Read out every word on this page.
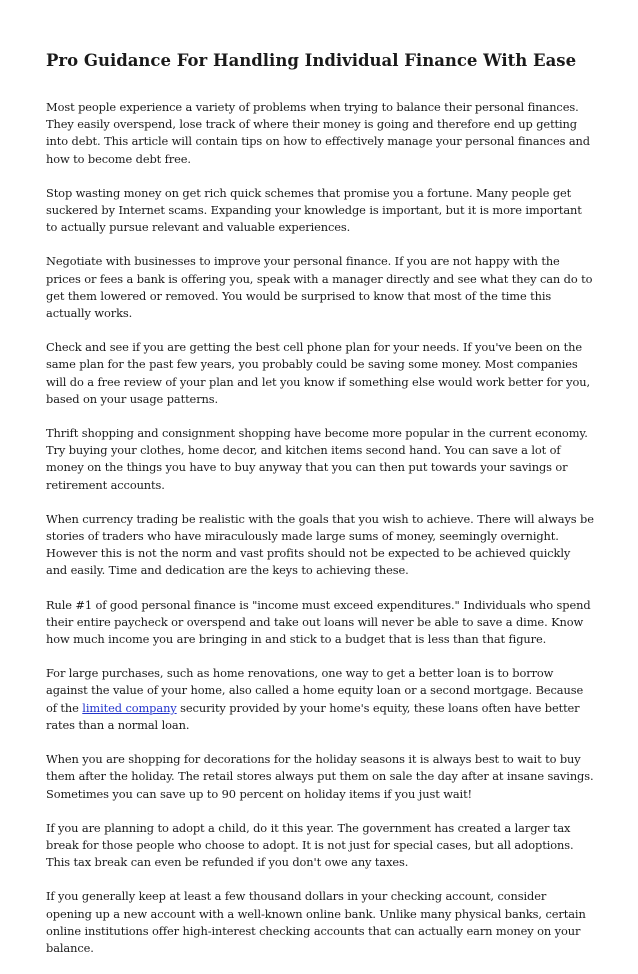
Pro Guidance For Handling Individual Finance With Ease

Most people experience a variety of problems when trying to balance their personal finances. They easily overspend, lose track of where their money is going and therefore end up getting into debt. This article will contain tips on how to effectively manage your personal finances and how to become debt free.

Stop wasting money on get rich quick schemes that promise you a fortune. Many people get suckered by Internet scams. Expanding your knowledge is important, but it is more important to actually pursue relevant and valuable experiences.

Negotiate with businesses to improve your personal finance. If you are not happy with the prices or fees a bank is offering you, speak with a manager directly and see what they can do to get them lowered or removed. You would be surprised to know that most of the time this actually works.

Check and see if you are getting the best cell phone plan for your needs. If you've been on the same plan for the past few years, you probably could be saving some money. Most companies will do a free review of your plan and let you know if something else would work better for you, based on your usage patterns.

Thrift shopping and consignment shopping have become more popular in the current economy. Try buying your clothes, home decor, and kitchen items second hand. You can save a lot of money on the things you have to buy anyway that you can then put towards your savings or retirement accounts.

When currency trading be realistic with the goals that you wish to achieve. There will always be stories of traders who have miraculously made large sums of money, seemingly overnight. However this is not the norm and vast profits should not be expected to be achieved quickly and easily. Time and dedication are the keys to achieving these.

Rule #1 of good personal finance is "income must exceed expenditures." Individuals who spend their entire paycheck or overspend and take out loans will never be able to save a dime. Know how much income you are bringing in and stick to a budget that is less than that figure.

For large purchases, such as home renovations, one way to get a better loan is to borrow against the value of your home, also called a home equity loan or a second mortgage. Because of the limited company security provided by your home's equity, these loans often have better rates than a normal loan.

When you are shopping for decorations for the holiday seasons it is always best to wait to buy them after the holiday. The retail stores always put them on sale the day after at insane savings. Sometimes you can save up to 90 percent on holiday items if you just wait!

If you are planning to adopt a child, do it this year. The government has created a larger tax break for those people who choose to adopt. It is not just for special cases, but all adoptions. This tax break can even be refunded if you don't owe any taxes.

If you generally keep at least a few thousand dollars in your checking account, consider opening up a new account with a well-known online bank. Unlike many physical banks, certain online institutions offer high-interest checking accounts that can actually earn money on your balance.
